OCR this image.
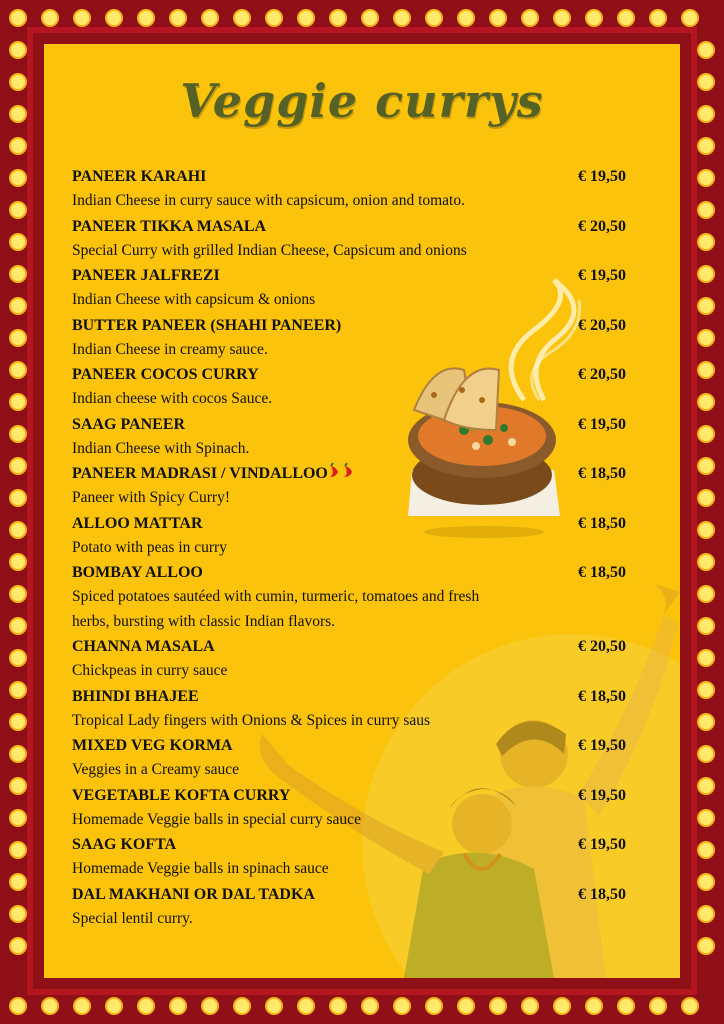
Veggie currys
PANEER KARAHI	€ 19,50
Indian Cheese in curry sauce with capsicum, onion and tomato.
PANEER TIKKA MASALA	€ 20,50
Special Curry with grilled Indian Cheese, Capsicum and onions
PANEER JALFREZI	€ 19,50
Indian Cheese with capsicum & onions
BUTTER PANEER (SHAHI PANEER)	€ 20,50
Indian Cheese in creamy sauce.
PANEER COCOS CURRY	€ 20,50
Indian cheese with cocos Sauce.
SAAG PANEER	€ 19,50
Indian Cheese with Spinach.
PANEER MADRASI / VINDALLOO	€ 18,50
Paneer with Spicy Curry!
ALLOO MATTAR	€ 18,50
Potato with peas in curry
BOMBAY ALLOO	€ 18,50
Spiced potatoes sautéed with cumin, turmeric, tomatoes and fresh herbs, bursting with classic Indian flavors.
CHANNA MASALA	€ 20,50
Chickpeas in curry sauce
BHINDI BHAJEE	€ 18,50
Tropical Lady fingers with Onions & Spices in curry saus
MIXED VEG KORMA	€ 19,50
Veggies in a Creamy sauce
VEGETABLE KOFTA CURRY	€ 19,50
Homemade Veggie balls in special curry sauce
SAAG KOFTA	€ 19,50
Homemade Veggie balls in spinach sauce
DAL MAKHANI OR DAL TADKA	€ 18,50
Special lentil curry.
